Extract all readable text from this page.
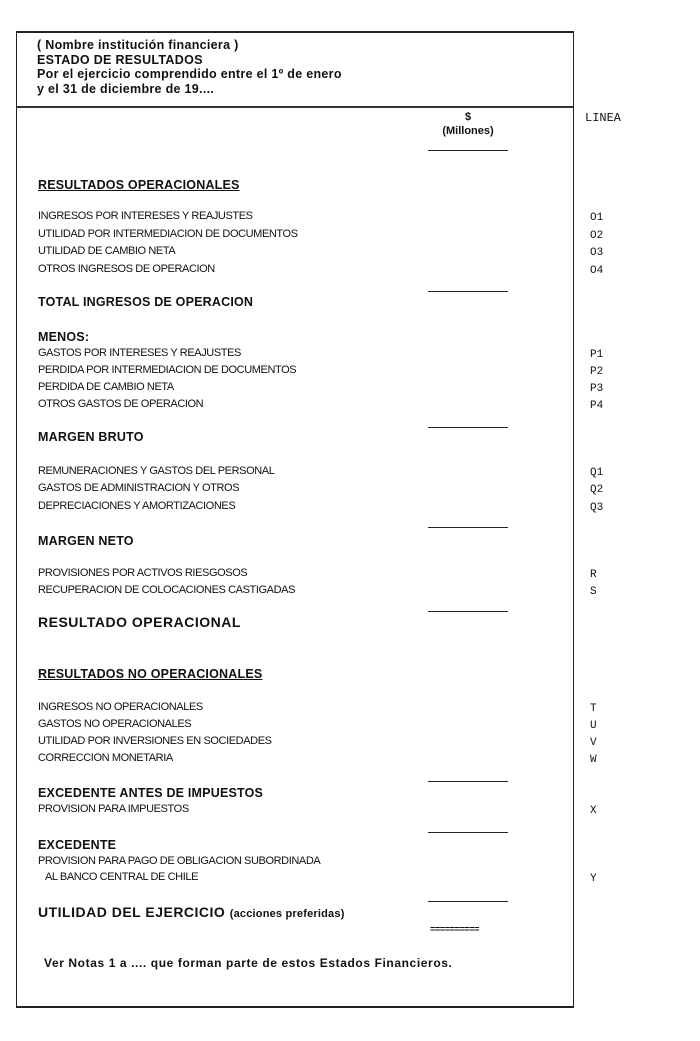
( Nombre institución financiera )
ESTADO DE RESULTADOS
Por el ejercicio comprendido entre el 1º de enero
y el 31 de diciembre de 19....
$
(Millones)
LINEA
RESULTADOS OPERACIONALES
INGRESOS POR INTERESES Y REAJUSTES	O1
UTILIDAD POR INTERMEDIACION DE DOCUMENTOS	O2
UTILIDAD DE CAMBIO NETA	O3
OTROS INGRESOS DE OPERACION	O4
TOTAL INGRESOS DE OPERACION
MENOS:
GASTOS POR INTERESES Y REAJUSTES	P1
PERDIDA POR INTERMEDIACION DE DOCUMENTOS	P2
PERDIDA DE CAMBIO NETA	P3
OTROS GASTOS DE OPERACION	P4
MARGEN BRUTO
REMUNERACIONES Y GASTOS DEL PERSONAL	Q1
GASTOS DE ADMINISTRACION Y OTROS	Q2
DEPRECIACIONES Y AMORTIZACIONES	Q3
MARGEN NETO
PROVISIONES POR ACTIVOS RIESGOSOS	R
RECUPERACION DE COLOCACIONES CASTIGADAS	S
RESULTADO OPERACIONAL
RESULTADOS NO OPERACIONALES
INGRESOS NO OPERACIONALES	T
GASTOS NO OPERACIONALES	U
UTILIDAD POR INVERSIONES EN SOCIEDADES	V
CORRECCION MONETARIA	W
EXCEDENTE ANTES DE IMPUESTOS
PROVISION PARA IMPUESTOS	X
EXCEDENTE
PROVISION PARA PAGO DE OBLIGACION SUBORDINADA
AL BANCO CENTRAL DE CHILE	Y
UTILIDAD DEL EJERCICIO (acciones preferidas)
==========
Ver Notas 1 a .... que forman parte de estos Estados Financieros.
